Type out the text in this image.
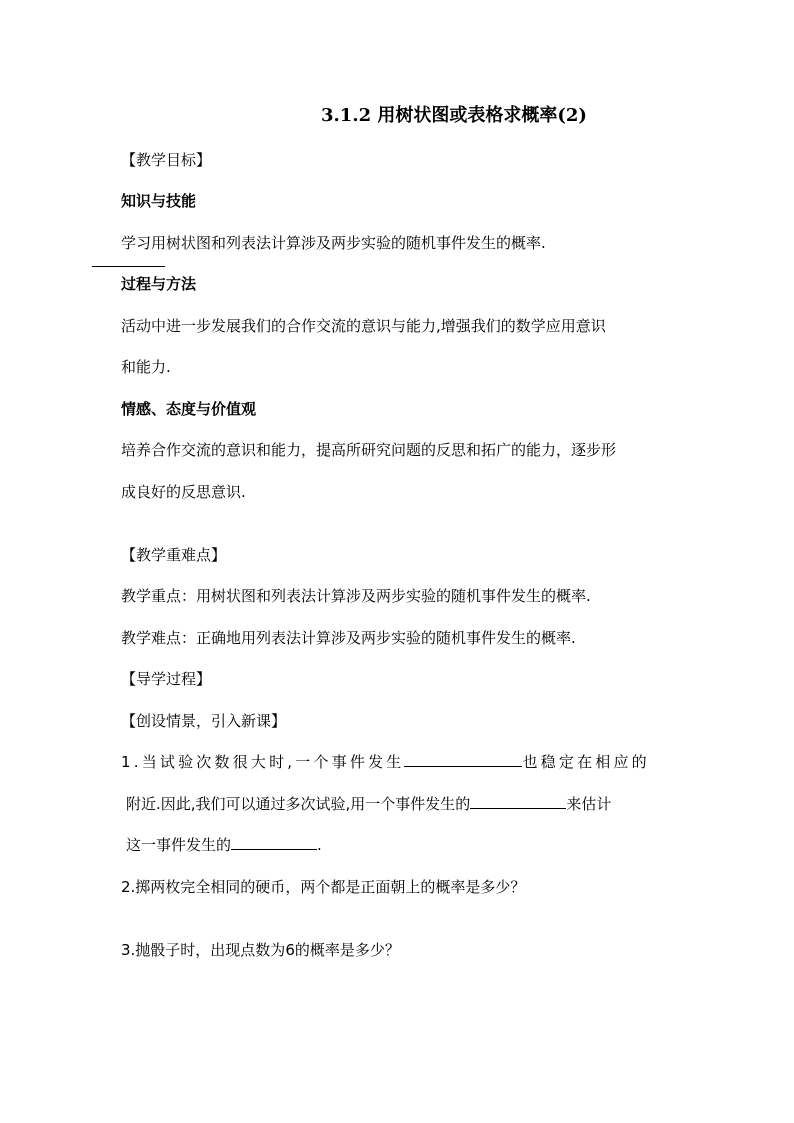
3.1.2 用树状图或表格求概率(2)
【教学目标】
知识与技能
学习用树状图和列表法计算涉及两步实验的随机事件发生的概率.
过程与方法
活动中进一步发展我们的合作交流的意识与能力,增强我们的数学应用意识
和能力.
情感、态度与价值观
培养合作交流的意识和能力，提高所研究问题的反思和拓广的能力，逐步形
成良好的反思意识.
【教学重难点】
教学重点：用树状图和列表法计算涉及两步实验的随机事件发生的概率.
教学难点：正确地用列表法计算涉及两步实验的随机事件发生的概率.
【导学过程】
【创设情景，引入新课】
1.当试验次数很大时,一个事件发生	也稳定在相应的
附近.因此,我们可以通过多次试验,用一个事件发生的	来估计
这一事件发生的	.
2.掷两枚完全相同的硬币，两个都是正面朝上的概率是多少？
3.抛骰子时，出现点数为6的概率是多少？
